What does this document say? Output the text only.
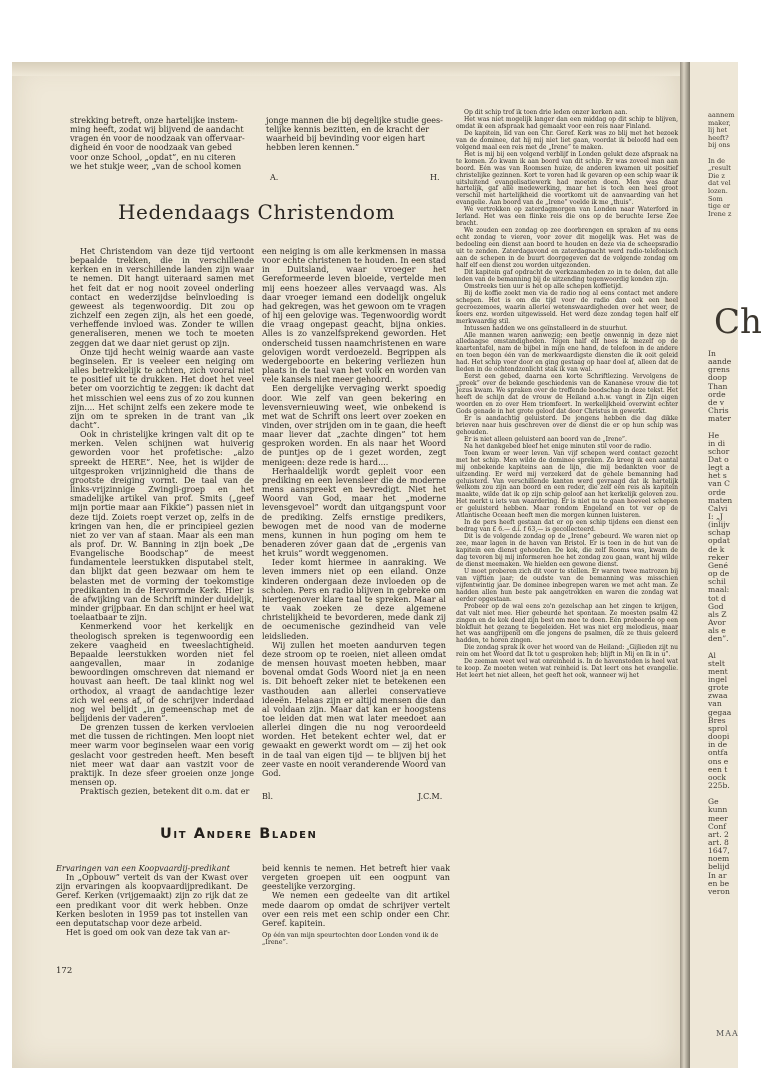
strekking betreft, onze hartelijke instem-

ming heeft, zodat wij blijvend de aandacht

vragen én voor de noodzaak van offervaar-

digheid én voor de noodzaak van gebed

voor onze School, „opdat”, en nu citeren

we het stukje weer, „van de school komen

A.

jonge mannen die bij degelijke studie gees-

telijke kennis bezitten, en de kracht der

waarheid bij bevinding voor eigen hart

hebben leren kennen.”

H.
Hedendaags Christendom

Het Christendom van deze tijd vertoont bepaalde trekken, die in verschillende kerken en in verschillende landen zijn waar te nemen. Dit hangt uiteraard samen met het feit dat er nog nooit zoveel onderling contact en wederzijdse beïnvloeding is geweest als tegenwoordig. Dit zou op zichzelf een zegen zijn, als het een goede, verheffende invloed was. Zonder te willen generaliseren, menen we toch te moeten zeggen dat we daar niet gerust op zijn.

Onze tijd hecht weinig waarde aan vaste beginselen. Er is veeleer een neiging om alles betrekkelijk te achten, zich vooral niet te positief uit te drukken. Het doet het veel beter om voorzichtig te zeggen: ik dacht dat het misschien wel eens zus of zo zou kunnen zijn.... Het schijnt zelfs een zekere mode te zijn om te spreken in de trant van „ik dacht”.

Ook in christelijke kringen valt dit op te merken. Velen schijnen wat huiverig geworden voor het profetische: „alzo spreekt de HERE”. Nee, het is wijder de uitgesproken vrijzinnigheid die thans de grootste dreiging vormt. De taal van de links-vrijzinnige Zwingli-groep en het smadelijke artikel van prof. Smits („geef mijn portie maar aan Fikkie”) passen niet in deze tijd. Zoiets roept verzet op, zelfs in de kringen van hen, die er principieel gezien niet zo ver van af staan. Maar als een man als prof. Dr. W. Banning in zijn boek „De Evangelische Boodschap” de meest fundamentele leerstukken disputabel stelt, dan blijkt dat geen bezwaar om hem te belasten met de vorming der toekomstige predikanten in de Hervormde Kerk. Hier is de afwijking van de Schrift minder duidelijk, minder grijpbaar. En dan schijnt er heel wat toelaatbaar te zijn.

Kenmerkend voor het kerkelijk en theologisch spreken is tegenwoordig een zekere vaagheid en tweeslachtigheid. Bepaalde leerstukken worden niet fel aangevallen, maar in zodanige bewoordingen omschreven dat niemand er houvast aan heeft. De taal klinkt nog wel orthodox, al vraagt de aandachtige lezer zich wel eens af, of de schrijver inderdaad nog wel belijdt „in gemeenschap met de belijdenis der vaderen”.

De grenzen tussen de kerken vervloeien met die tussen de richtingen. Men loopt niet meer warm voor beginselen waar een vorig geslacht voor gestreden heeft. Men beseft niet meer wat daar aan vastzit voor de praktijk. In deze sfeer groeien onze jonge mensen op.

Praktisch gezien, betekent dit o.m. dat er

een neiging is om alle kerkmensen in massa voor echte christenen te houden. In een stad in Duitsland, waar vroeger het Gereformeerde leven bloeide, vertelde men mij eens hoezeer alles vervaagd was. Als daar vroeger iemand een dodelijk ongeluk had gekregen, was het gewoon om te vragen of hij een gelovige was. Tegenwoordig wordt die vraag ongepast geacht, bijna onkies. Alles is zo vanzelfsprekend geworden. Het onderscheid tussen naamchristenen en ware gelovigen wordt verdoezeld. Begrippen als wedergeboorte en bekering verliezen hun plaats in de taal van het volk en worden van vele kansels niet meer gehoord.

Een dergelijke vervaging werkt spoedig door. Wie zelf van geen bekering en levensvernieuwing weet, wie onbekend is met wat de Schrift ons leert over zoeken en vinden, over strijden om in te gaan, die heeft maar liever dat „zachte dingen” tot hem gesproken worden. En als naar het Woord de puntjes op de i gezet worden, zegt menigeen: deze rede is hard....

Herhaaldelijk wordt gepleit voor een prediking en een levensleer die de moderne mens aanspreekt en bevredigt. Niet het Woord van God, maar het „moderne levensgevoel” wordt dan uitgangspunt voor de prediking. Zelfs ernstige predikers, bewogen met de nood van de moderne mens, kunnen in hun poging om hem te benaderen zóver gaan dat de „ergenis van het kruis” wordt weggenomen.

Ieder komt hiermee in aanraking. We leven immers niet op een eiland. Onze kinderen ondergaan deze invloeden op de scholen. Pers en radio blijven in gebreke om hiertegenover klare taal te spreken. Maar al te vaak zoeken ze deze algemene christelijkheid te bevorderen, mede dank zij de oecumenische gezindheid van vele leidslieden.

Wij zullen het moeten aandurven tegen deze stroom op te roeien, niet alleen omdat de mensen houvast moeten hebben, maar bovenal omdat Gods Woord niet ja en neen is. Dit behoeft zeker niet te betekenen een vasthouden aan allerlei conservatieve ideeën. Helaas zijn er altijd mensen die dan al voldaan zijn. Maar dat kan er hoogstens toe leiden dat men wat later meedoet aan allerlei dingen die nu nog veroordeeld worden. Het betekent echter wel, dat er gewaakt en gewerkt wordt om — zij het ook in de taal van eigen tijd — te blijven bij het zeer vaste en nooit veranderende Woord van God.

Bl.	J.C.M.

Op dit schip trof ik toen drie leden onzer kerken aan.

Het was niet mogelijk langer dan een middag op dit schip te blijven, omdat ik een afspraak had gemaakt voor een reis naar Finland.

De kapitein, lid van een Chr. Geref. Kerk was zo blij met het bezoek van de dominee, dat hij mij niet liet gaan, voordat ik beloofd had een volgend maal een reis met de „Irene” te maken.

Het is mij bij een volgend verblijf in Londen gelukt deze afspraak na te komen. Zo kwam ik aan boord van dit schip. Er was zoveel man aan boord. Eén was van Roomsen huize, de anderen kwamen uit positief christelijke gezinnen. Kort te voren had ik gevaren op een schip waar ik uitsluitend evangelisatiewerk had moeten doen. Men was daar hartelijk, gaf alle medewerking, maar het is toch een heel groot verschil met hartelijkheid die voortkomt uit de aanvaarding van het evangelie. Aan boord van de „Irene” voelde ik me „thuis”.

We vertrokken op zaterdagmorgen van Londen naar Waterford in Ierland. Het was een flinke reis die ons op de beruchte Ierse Zee bracht.

We zouden een zondag op zee doorbrengen en spraken af nu eens echt zondag te vieren, voor zover dit mogelijk was. Het was de bedoeling een dienst aan boord te houden en deze via de scheepsradio uit te zenden. Zaterdagavond en zaterdagnacht werd radio-telefonisch aan de schepen in de buurt doorgegeven dat de volgende zondag om half elf een dienst zou worden uitgezonden.

Dit kapitein gaf opdracht de werkzaamheden zo in te delen, dat alle leden van de bemanning bij de uitzending tegenwoordig konden zijn.

Omstreeks tien uur is het op alle schepen koffietijd.

Bij de koffie zoekt men via de radio nog al eens contact met andere schepen. Het is om die tijd voor de radio dan ook een heel gecroezemoes, waarin allerlei wetenswaardigheden over het weer, de koers enz. worden uitgewisseld. Het werd deze zondag tegen half elf merkwaardig stil.

Intussen hadden we ons geïnstalleerd in de stuurhut.

Alle mannen waren aanwezig; een beetje onwennig in deze niet alledaagse omstandigheden. Tegen half elf hees ik mezelf op de kaartentafel, nam de bijbel in mijn ene hand, de telefoon in de andere en toen begon één van de merkwaardigste diensten die ik ooit geleid had. Het schip voer door en ging gestaag op haar doel af, alleen dat de lieden in de ochtendzonlicht stak ik van wal.

Eerst een gebed, daarna een korte Schriftlezing. Vervolgens de „preek” over de bekende geschiedenis van de Kananese vrouw die tot Jezus kwam. We spraken over de treffende boodschap in deze tekst. Het heeft de schijn dat de vrouw de Heiland a.h.w. vangt in Zijn eigen woorden en zo over Hem triomfeert. In werkelijkheid overwint echter Gods genade in het grote geloof dat door Christus in gewerkt.

Er is aandachtig geluisterd. De jongens hebben die dag dikke brieven naar huis geschreven over de dienst die er op hun schip was gehouden.

Er is niet alleen geluisterd aan boord van de „Irene”.

Na het dankgebed bleef het enige minuten stil voor de radio.

Toen kwam er weer leven. Van vijf schepen werd contact gezocht met het schip. Men wilde de dominee spreken. Zo kreeg ik een aantal mij onbekende kapiteins aan de lijn, die mij bedankten voor de uitzending. Er werd mij verzekerd dat de gehele bemanning had geluisterd. Van verschillende kanten werd gevraagd dat ik hartelijk welkom zou zijn aan boord en een reder, die zelf een reis als kapitein maakte, wilde dat ik op zijn schip geloof aan het kerkelijk geloven zou. Het merkt u iets van waardering. Er is niet nu te gaan hoeveel schepen er geluisterd hebben. Maar rondom Engeland en tot ver op de Atlantische Oceaan heeft men die morgen kunnen luisteren.

In de pers heeft gestaan dat er op een schip tijdens een dienst een bedrag van £ 6.— d.i. f 63,— is gecollecteerd.

Dit is de volgende zondag op de „Irene” gebeurd. We waren niet op zee, maar lagen in de haven van Bristol. Er is toen in de hut van de kapitein een dienst gehouden. De kok, die zelf Rooms was, kwam de dag tevoren bij mij informeren hoe het zondag zou gaan, want hij wilde de dienst meemaken. We hielden een gewone dienst.

U moet proberen zich dit voor te stellen. Er waren twee matrozen bij van vijftien jaar; de oudste van de bemanning was misschien vijfentwintig jaar. De dominee inbegrepen waren we met acht man. Ze hadden allen hun beste pak aangetrokken en waren die zondag wat eerder opgestaan.

Probeer op de wal eens zo'n gezelschap aan het zingen te krijgen, dat valt niet mee. Hier gebeurde het spontaan. Ze moesten psalm 42 zingen en de kok deed zijn best om mee te doen. Eén probeerde op een blokfluit het gezang te begeleiden. Het was niet erg melodieus, maar het was aangrijpend om die jongens de psalmen, die ze thuis geleerd hadden, te horen zingen.

Die zondag sprak ik over het woord van de Heiland: „Gijlieden zijt nu rein om het Woord dat Ik tot u gesproken heb; blijft in Mij en Ik in u”.

De zeeman weet wel wat onreinheid is. In de havensteden is heel wat te koop. Ze moeten weten wat reinheid is. Dat leert ons het evangelie. Het leert het niet alleen, het geeft het ook, wanneer wij het

Uit Andere Bladen

Ervaringen van een Koopvaardij-predikant

In „Opbouw” verteit ds van der Kwast over zijn ervaringen als koopvaardijpredikant. De Geref. Kerken (vrijgemaakt) zijn zo rijk dat ze een predikant voor dit werk hebben. Onze Kerken besloten in 1959 pas tot instellen van een deputatschap voor deze arbeid.

Het is goed om ook van deze tak van ar-

beid kennis te nemen. Het betreft hier vaak vergeten groepen uit een oogpunt van geestelijke verzorging.

We nemen een gedeelte van dit artikel mede daarom op omdat de schrijver vertelt over een reis met een schip onder een Chr. Geref. kapitein.

Op één van mijn speurtochten door Londen vond ik de „Irene”.
172
aannem
maker,
lij het
heeft?
bij ons
In de
„result
Die z
dat vel
lozen.
Som
tige er
Irene z
Ch
In
aande
grens
doop
Than
orde
de v
Chris
mater
He
in di
schor
Dat o
legt a
het s
van C
orde
maten
Calvi
I: „J
(inlijv
schap
opdat
de k
reker
Gené
op de
schil
maal:
tot d
God
als Z
Avor
als e
den”.
Al
stelt
ment
ingel
grote
zwaa
van
gegaa
Bres
sprol
doopi
in de
ontfa
ons e
een t
oock
225b.
Ge
kunn
meer
Conf
art. 2
art. 8
1647,
noem
belijd
In ar
en be
veron
MAA
